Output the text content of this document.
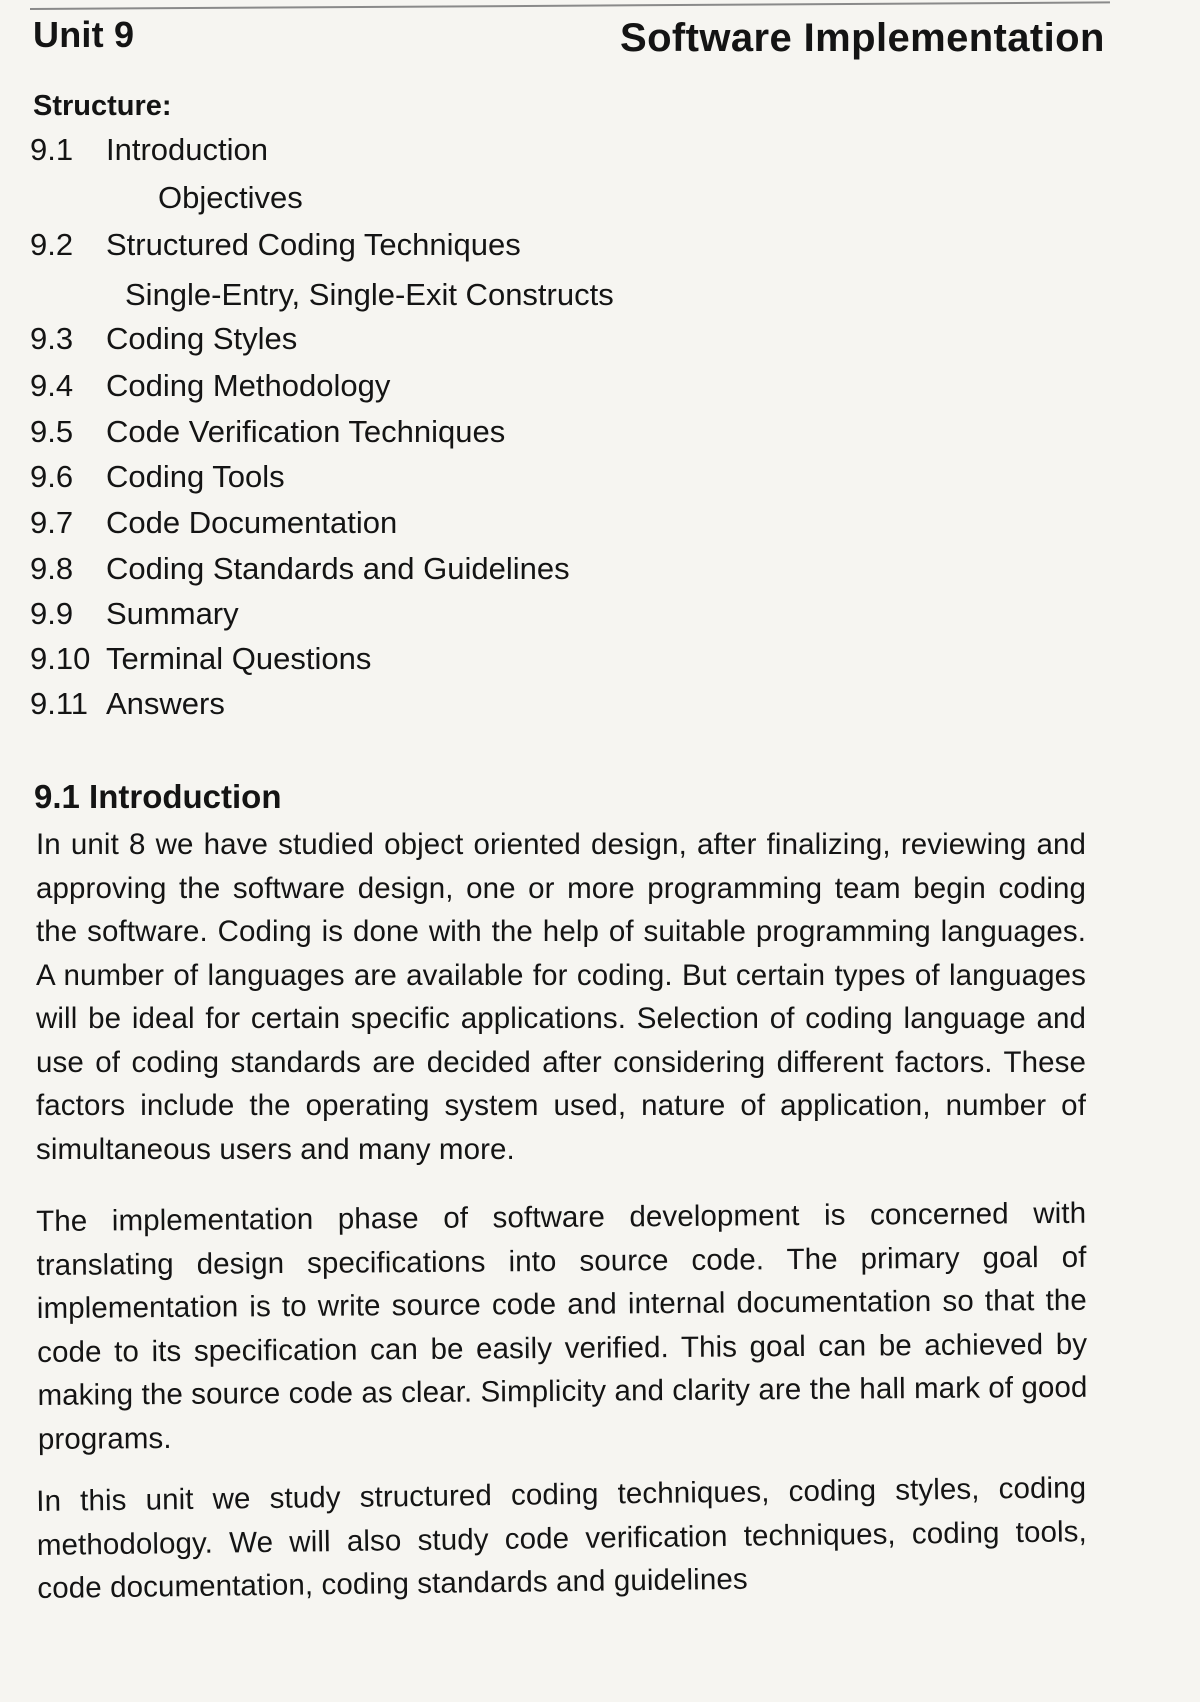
Unit 9	Software Implementation
Structure:
9.1	Introduction
Objectives
9.2	Structured Coding Techniques
Single-Entry, Single-Exit Constructs
9.3	Coding Styles
9.4	Coding Methodology
9.5	Code Verification Techniques
9.6	Coding Tools
9.7	Code Documentation
9.8	Coding Standards and Guidelines
9.9	Summary
9.10 Terminal Questions
9.11 Answers
9.1 Introduction
In unit 8 we have studied object oriented design, after finalizing, reviewing and approving the software design, one or more programming team begin coding the software. Coding is done with the help of suitable programming languages. A number of languages are available for coding. But certain types of languages will be ideal for certain specific applications. Selection of coding language and use of coding standards are decided after considering different factors. These factors include the operating system used, nature of application, number of simultaneous users and many more.
The implementation phase of software development is concerned with translating design specifications into source code. The primary goal of implementation is to write source code and internal documentation so that the code to its specification can be easily verified. This goal can be achieved by making the source code as clear. Simplicity and clarity are the hall mark of good programs.
In this unit we study structured coding techniques, coding styles, coding methodology. We will also study code verification techniques, coding tools, code documentation, coding standards and guidelines
